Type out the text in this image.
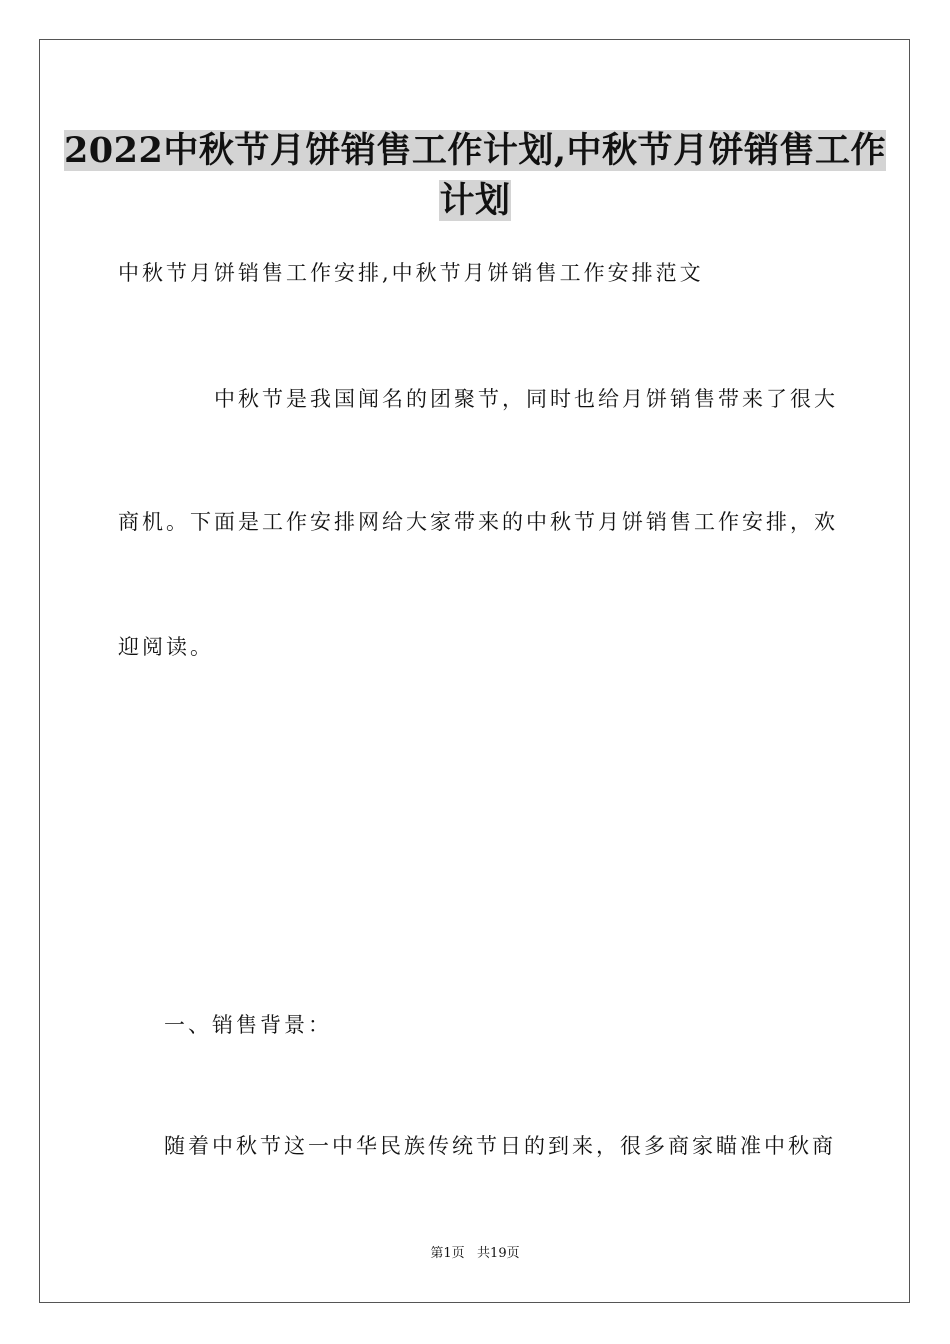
2022中秋节月饼销售工作计划,中秋节月饼销售工作计划

中秋节月饼销售工作安排,中秋节月饼销售工作安排范文

中秋节是我国闻名的团聚节，同时也给月饼销售带来了很大

商机。下面是工作安排网给大家带来的中秋节月饼销售工作安排，欢

迎阅读。

一、销售背景：

随着中秋节这一中华民族传统节日的到来，很多商家瞄准中秋商

第1页   共19页
